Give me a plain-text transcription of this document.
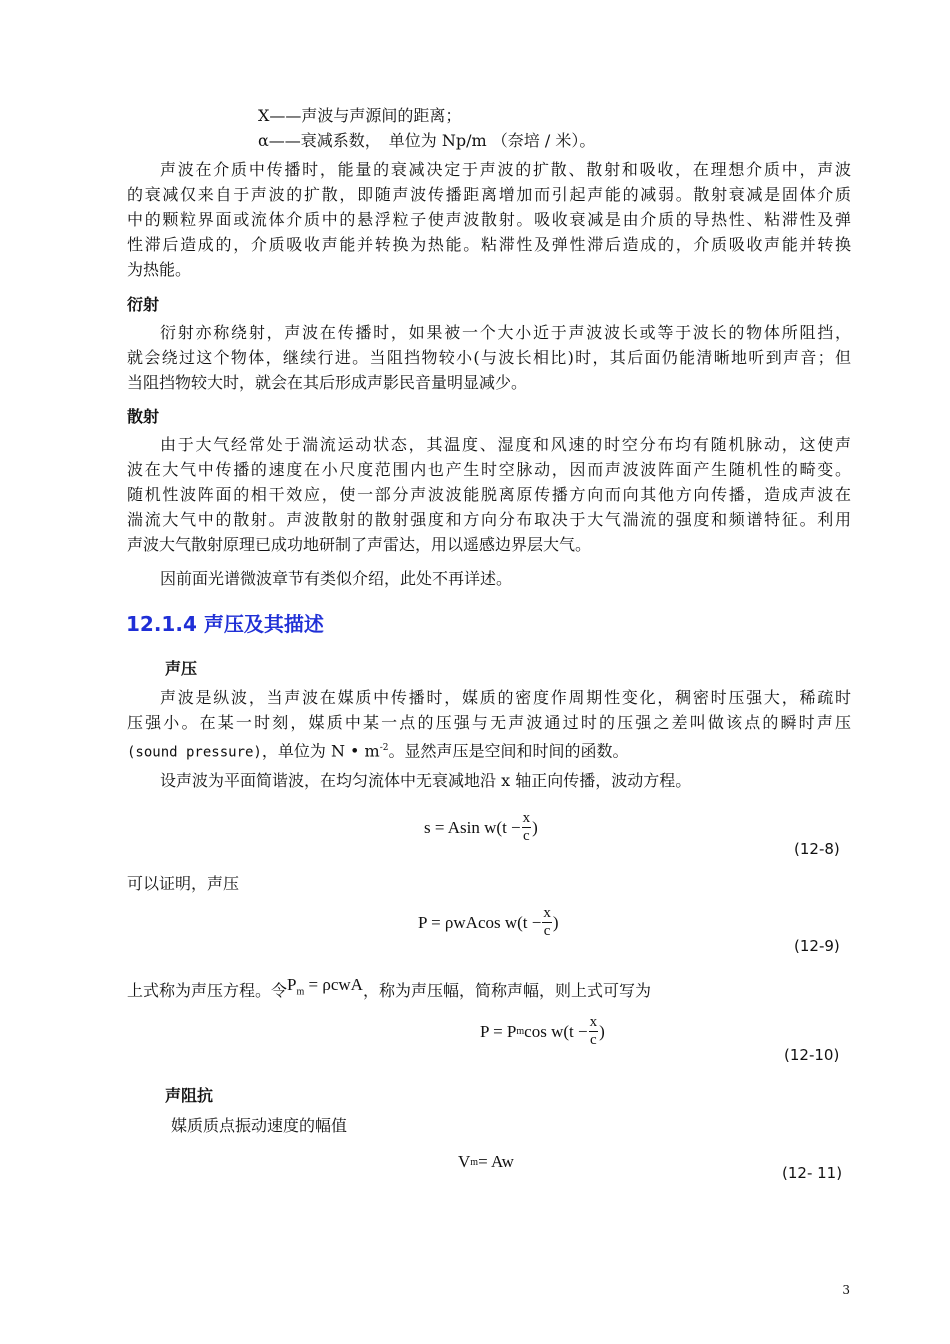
X——声波与声源间的距离；
α——衰减系数，　单位为 Np/m （奈培 / 米）。
声波在介质中传播时，能量的衰减决定于声波的扩散、散射和吸收，在理想介质中，声波
的衰减仅来自于声波的扩散，即随声波传播距离增加而引起声能的减弱。散射衰减是固体介质
中的颗粒界面或流体介质中的悬浮粒子使声波散射。吸收衰减是由介质的导热性、粘滞性及弹
性滞后造成的，介质吸收声能并转换为热能。粘滞性及弹性滞后造成的，介质吸收声能并转换
为热能。
衍射
衍射亦称绕射，声波在传播时，如果被一个大小近于声波波长或等于波长的物体所阻挡，
就会绕过这个物体，继续行进。当阻挡物较小(与波长相比)时，其后面仍能清晰地听到声音；但
当阻挡物较大时，就会在其后形成声影民音量明显减少。
散射
由于大气经常处于湍流运动状态，其温度、湿度和风速的时空分布均有随机脉动，这使声
波在大气中传播的速度在小尺度范围内也产生时空脉动，因而声波波阵面产生随机性的畸变。
随机性波阵面的相干效应，使一部分声波波能脱离原传播方向而向其他方向传播，造成声波在
湍流大气中的散射。声波散射的散射强度和方向分布取决于大气湍流的强度和频谱特征。利用
声波大气散射原理已成功地研制了声雷达，用以遥感边界层大气。
因前面光谱微波章节有类似介绍，此处不再详述。
12.1.4 声压及其描述
声压
声波是纵波，当声波在媒质中传播时，媒质的密度作周期性变化，稠密时压强大，稀疏时
压强小。在某一时刻，媒质中某一点的压强与无声波通过时的压强之差叫做该点的瞬时声压
(sound pressure)，单位为 N • $m^{-2}$。显然声压是空间和时间的函数。
设声波为平面简谐波，在均匀流体中无衰减地沿 x 轴正向传播，波动方程。
s = Asin $w(t - \frac{x}{c}$ )
(12-8)
可以证明，声压
P = ρwAcos $w(t - \frac{x}{c}$ )
(12-9)
上式称为声压方程。令$P_m = \rho cwA$，称为声压幅，简称声幅，则上式可写为
P = P m $\cos w(t - \frac{x}{c}$ )
(12-10)
声阻抗
媒质质点振动速度的幅值
V m = Aw
(12- 11)
3
